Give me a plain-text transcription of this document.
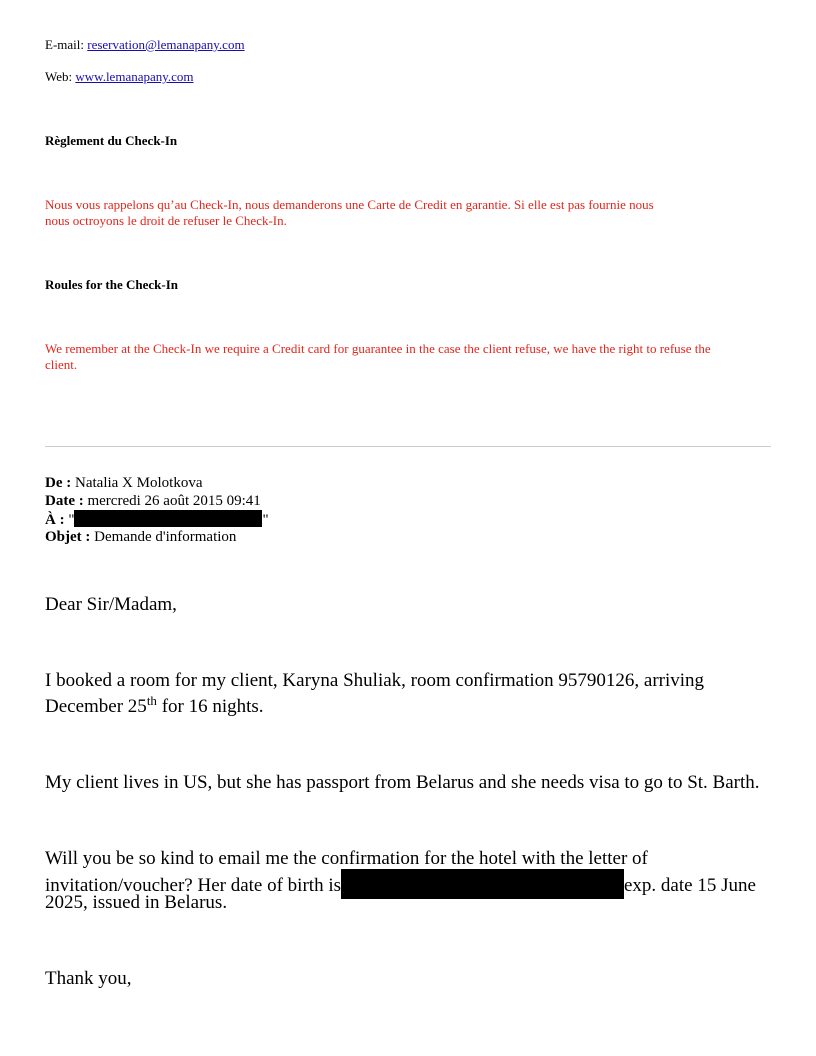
E-mail: reservation@lemanapany.com
Web: www.lemanapany.com
Règlement du Check-In
Nous vous rappelons qu’au Check-In, nous demanderons une Carte de Credit en garantie. Si elle est pas fournie nous
nous octroyons le droit de refuser le Check-In.
Roules for the Check-In
We remember at the Check-In we require a Credit card for guarantee in the case the client refuse, we have the right to refuse the
client.
De : Natalia X Molotkova
Date : mercredi 26 août 2015 09:41
À : "	"
Objet : Demande d'information
Dear Sir/Madam,
I booked a room for my client, Karyna Shuliak, room confirmation 95790126, arriving
December 25th for 16 nights.
My client lives in US, but she has passport from Belarus and she needs visa to go to St. Barth.
Will you be so kind to email me the confirmation for the hotel with the letter of
invitation/voucher? Her date of birth is	exp. date 15 June
2025, issued in Belarus.
Thank you,
